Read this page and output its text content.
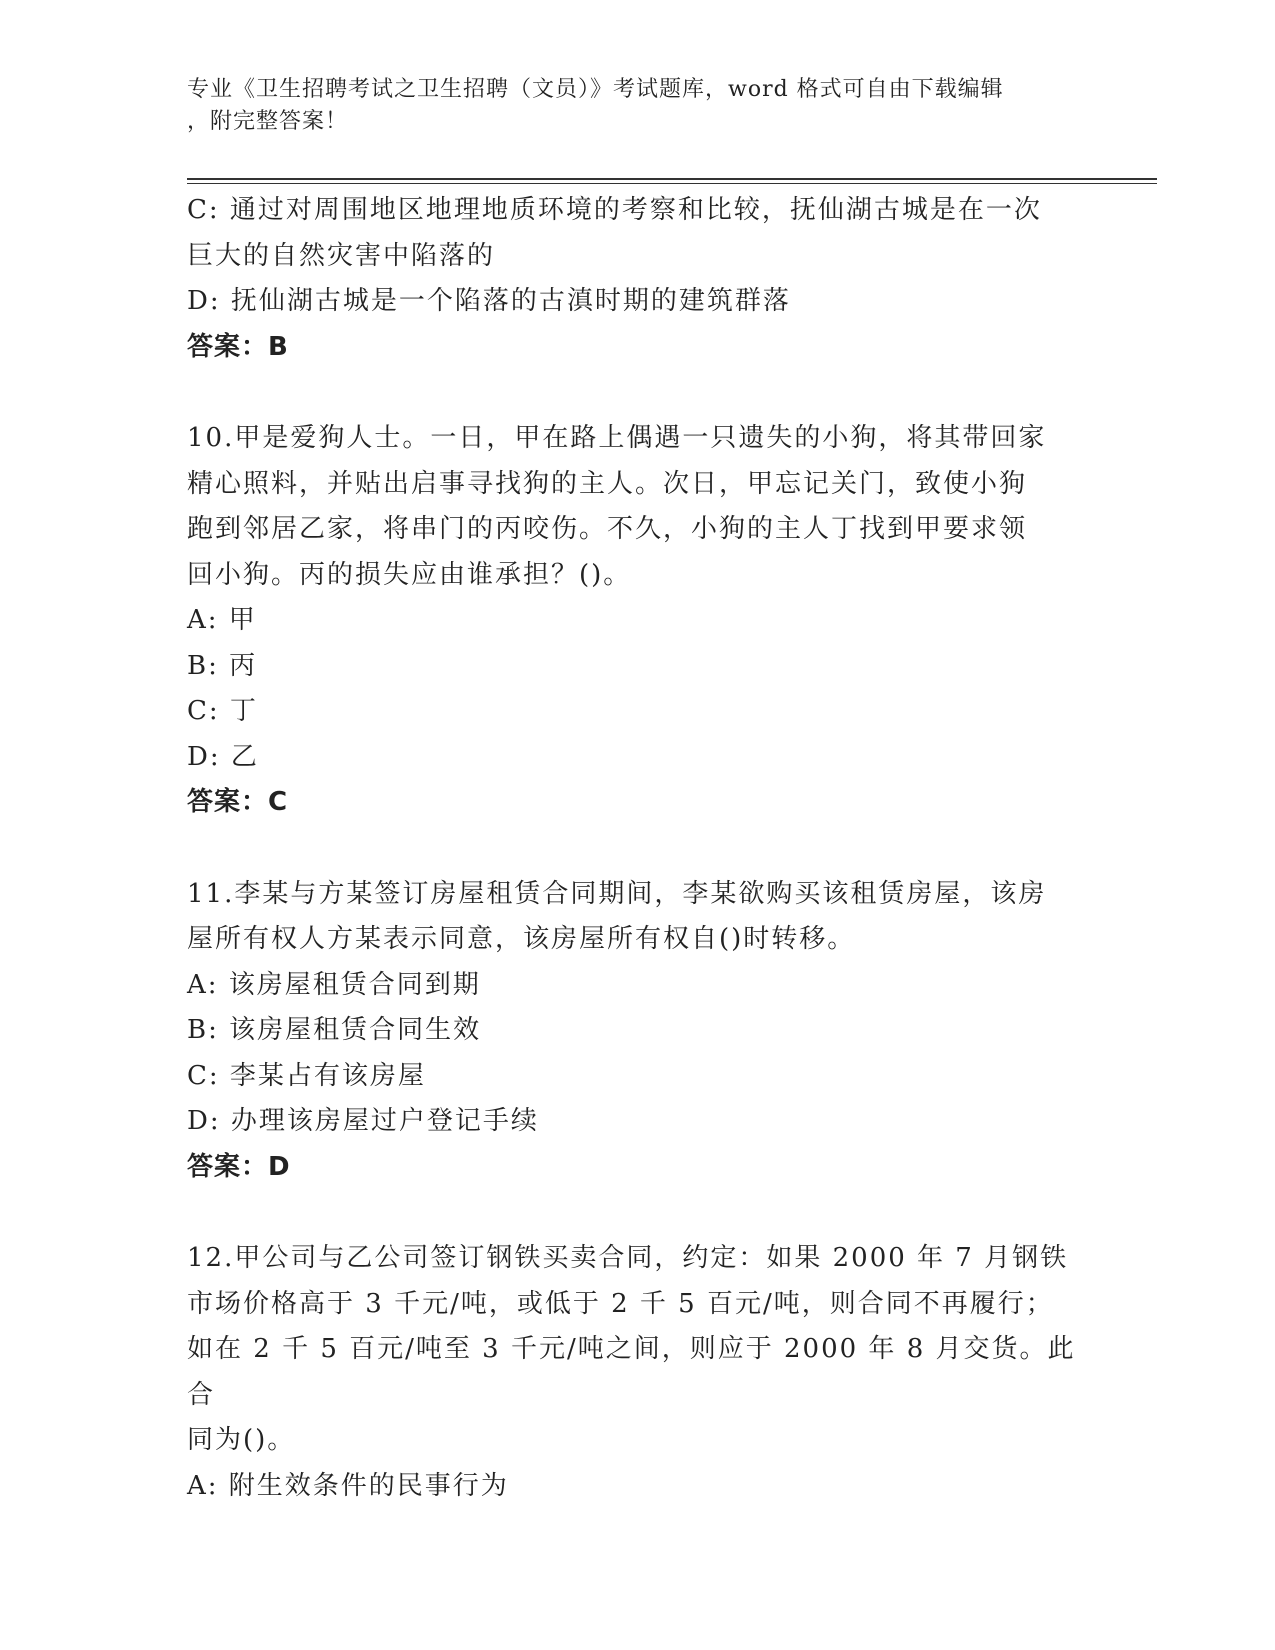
专业《卫生招聘考试之卫生招聘（文员）》考试题库，word 格式可自由下载编辑
，附完整答案！

C: 通过对周围地区地理地质环境的考察和比较，抚仙湖古城是在一次

巨大的自然灾害中陷落的

D: 抚仙湖古城是一个陷落的古滇时期的建筑群落

答案：B

10.甲是爱狗人士。一日，甲在路上偶遇一只遗失的小狗，将其带回家

精心照料，并贴出启事寻找狗的主人。次日，甲忘记关门，致使小狗

跑到邻居乙家，将串门的丙咬伤。不久，小狗的主人丁找到甲要求领

回小狗。丙的损失应由谁承担？()。

A: 甲

B: 丙

C: 丁

D: 乙

答案：C

11.李某与方某签订房屋租赁合同期间，李某欲购买该租赁房屋，该房

屋所有权人方某表示同意，该房屋所有权自()时转移。

A: 该房屋租赁合同到期

B: 该房屋租赁合同生效

C: 李某占有该房屋

D: 办理该房屋过户登记手续

答案：D

12.甲公司与乙公司签订钢铁买卖合同，约定：如果 2000 年 7 月钢铁

市场价格高于 3 千元/吨，或低于 2 千 5 百元/吨，则合同不再履行；

如在 2 千 5 百元/吨至 3 千元/吨之间，则应于 2000 年 8 月交货。此合

同为()。

A: 附生效条件的民事行为
